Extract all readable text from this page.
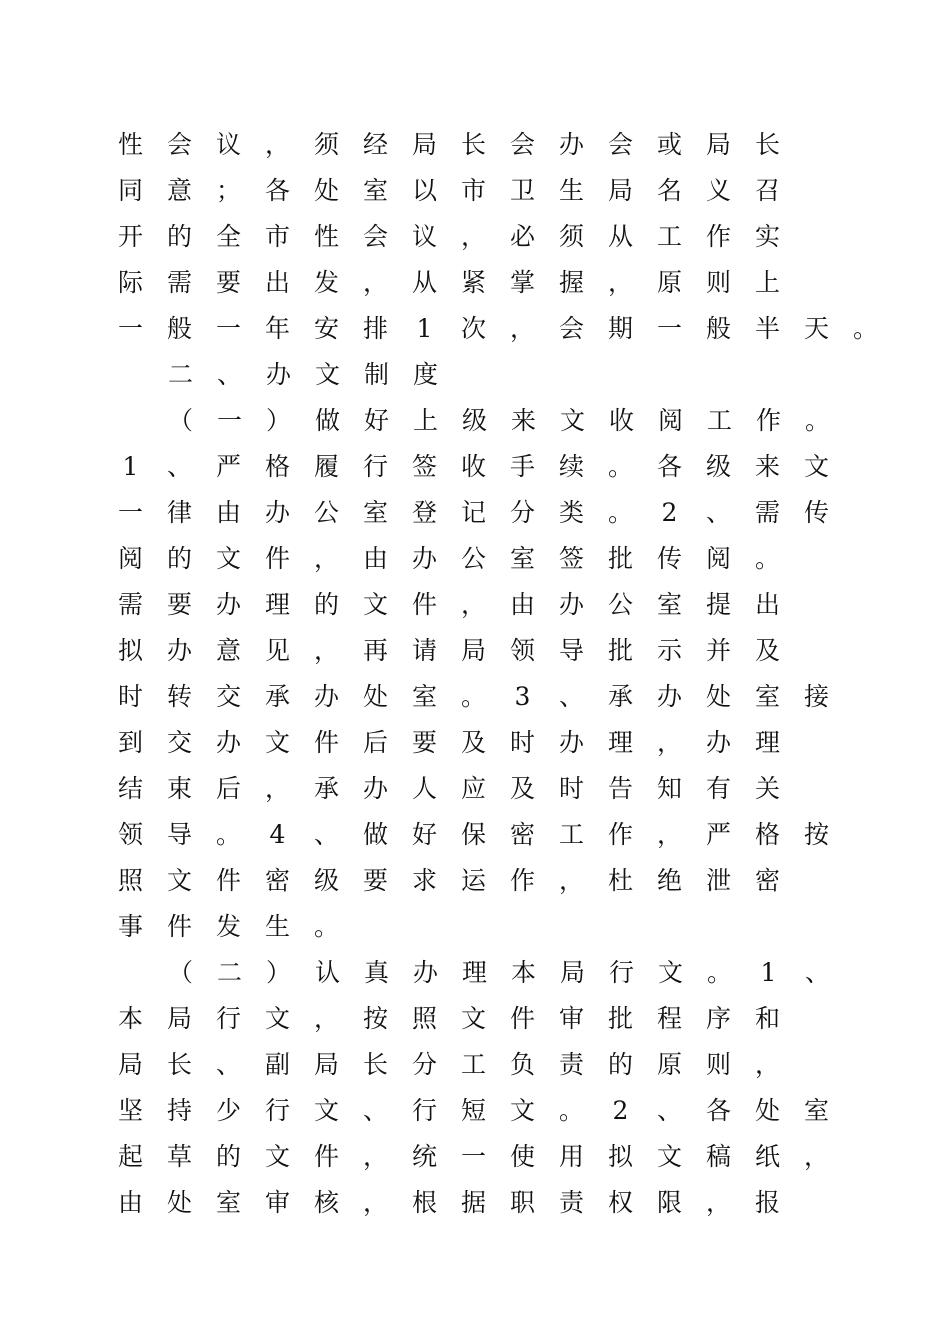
性 会 议 ， 须 经 局 长 会 办 会 或 局 长
同 意 ； 各 处 室 以 市 卫 生 局 名 义 召
开 的 全 市 性 会 议 ， 必 须 从 工 作 实
际 需 要 出 发 ， 从 紧 掌 握 ， 原 则 上
一 般 一 年 安 排 1 次 ， 会 期 一 般 半 天 。
二 、 办 文 制 度
（ 一 ） 做 好 上 级 来 文 收 阅 工 作 。
1 、 严 格 履 行 签 收 手 续 。 各 级 来 文
一 律 由 办 公 室 登 记 分 类 。 2 、 需 传
阅 的 文 件 ， 由 办 公 室 签 批 传 阅 。
需 要 办 理 的 文 件 ， 由 办 公 室 提 出
拟 办 意 见 ， 再 请 局 领 导 批 示 并 及
时 转 交 承 办 处 室 。 3 、 承 办 处 室 接
到 交 办 文 件 后 要 及 时 办 理 ， 办 理
结 束 后 ， 承 办 人 应 及 时 告 知 有 关
领 导 。 4 、 做 好 保 密 工 作 ， 严 格 按
照 文 件 密 级 要 求 运 作 ， 杜 绝 泄 密
事 件 发 生 。
（ 二 ） 认 真 办 理 本 局 行 文 。 1 、
本 局 行 文 ， 按 照 文 件 审 批 程 序 和
局 长 、 副 局 长 分 工 负 责 的 原 则 ，
坚 持 少 行 文 、 行 短 文 。 2 、 各 处 室
起 草 的 文 件 ， 统 一 使 用 拟 文 稿 纸 ，
由 处 室 审 核 ， 根 据 职 责 权 限 ， 报
